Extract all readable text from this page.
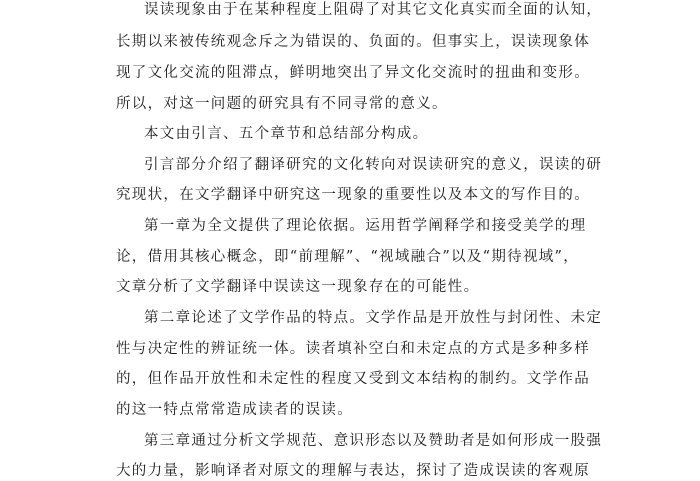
误读现象由于在某种程度上阻碍了对其它文化真实而全面的认知，
长期以来被传统观念斥之为错误的、负面的。但事实上，误读现象体
现了文化交流的阻滞点，鲜明地突出了异文化交流时的扭曲和变形。
所以，对这一问题的研究具有不同寻常的意义。
本文由引言、五个章节和总结部分构成。
引言部分介绍了翻译研究的文化转向对误读研究的意义，误读的研
究现状，在文学翻译中研究这一现象的重要性以及本文的写作目的。
第一章为全文提供了理论依据。运用哲学阐释学和接受美学的理
论，借用其核心概念，即“前理解”、“视域融合”以及“期待视域”，
文章分析了文学翻译中误读这一现象存在的可能性。
第二章论述了文学作品的特点。文学作品是开放性与封闭性、未定
性与决定性的辨证统一体。读者填补空白和未定点的方式是多种多样
的，但作品开放性和未定性的程度又受到文本结构的制约。文学作品
的这一特点常常造成读者的误读。
第三章通过分析文学规范、意识形态以及赞助者是如何形成一股强
大的力量，影响译者对原文的理解与表达，探讨了造成误读的客观原
